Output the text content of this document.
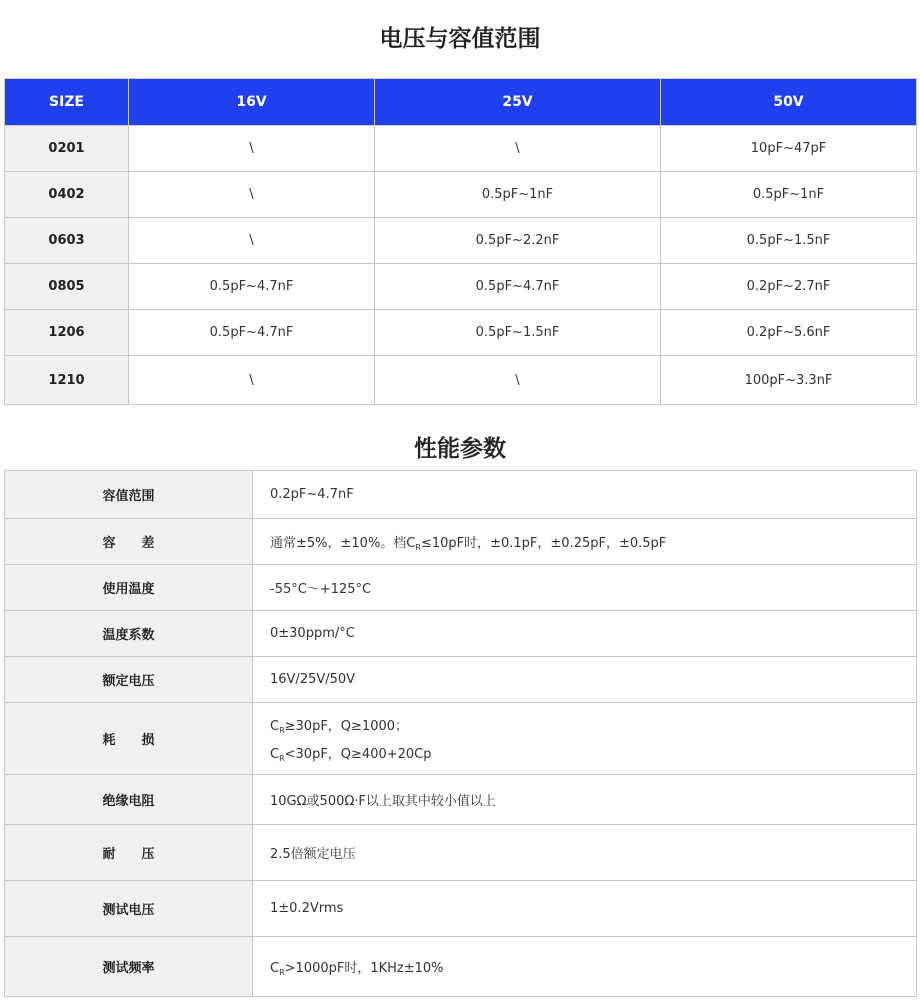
电压与容值范围
SIZE	16V	25V	50V
0201	\	\	10pF~47pF
0402	\	0.5pF~1nF	0.5pF~1nF
0603	\	0.5pF~2.2nF	0.5pF~1.5nF
0805	0.5pF~4.7nF	0.5pF~4.7nF	0.2pF~2.7nF
1206	0.5pF~4.7nF	0.5pF~1.5nF	0.2pF~5.6nF
1210	\	\	100pF~3.3nF
性能参数
容值范围	0.2pF~4.7nF
容　　差	通常±5%，±10%。档$C_R\le 10pF$时，±0.1pF，±0.25pF，±0.5pF
使用温度	-55°C～+125°C
温度系数	0±30ppm/°C
额定电压	16V/25V/50V
耗　　损	$C_R\ge 30pF$，Q≥1000；
$C_R<30pF$，Q≥400+20Cp

绝缘电阻	10GΩ或500Ω·F以上取其中较小值以上
耐　　压	2.5倍额定电压
测试电压	1±0.2Vrms
测试频率	$C_R>1000pF$时，1KHz±10%
